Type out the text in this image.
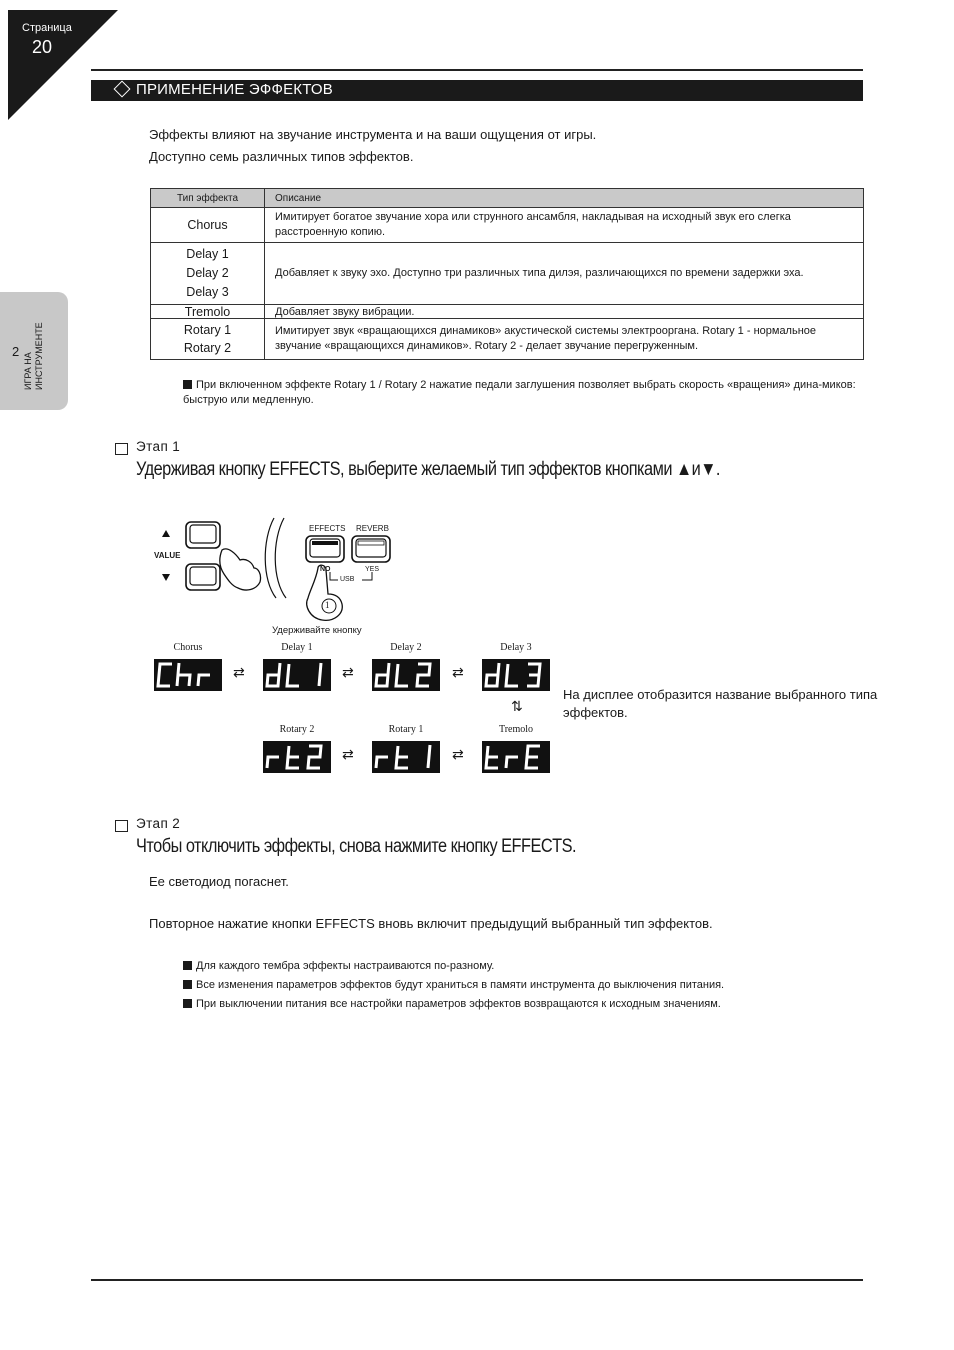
Страница
20
2
ИГРА НА ИНСТРУМЕНТЕ
ПРИМЕНЕНИЕ ЭФФЕКТОВ
Эффекты влияют на звучание инструмента и на ваши ощущения от игры.
Доступно семь различных типов эффектов.
Тип эффекта	Описание
Chorus	Имитирует богатое звучание хора или струнного ансамбля, накладывая на исходный звук его слегка расстроенную копию.

Delay 1
Delay 2
Delay 3	Добавляет к звуку эхо. Доступно три различных типа дилэя, различающихся по времени задержки эха.
Tremolo	Добавляет звуку вибрации.

Rotary 1
Rotary 2	Имитирует звук «вращающихся динамиков» акустической системы электрооргана. Rotary 1 - нормальное звучание «вращающихся динамиков». Rotary 2 - делает звучание перегруженным.
При включенном эффекте Rotary 1 / Rotary 2 нажатие педали заглушения позволяет выбрать скорость «вращения» дина-миков: быструю или медленную.
Этап 1
Удерживая кнопку EFFECTS, выберите желаемый тип эффектов кнопками ▲и▼.
VALUE
EFFECTS REVERB
NO	YES
USB
1
Удерживайте кнопку
Chorus	Delay 1	Delay 2	Delay 3
⇄	⇄	⇄
⇅
На дисплее отобразится название выбранного типа эффектов.
Rotary 2	Rotary 1	Tremolo
⇄	⇄
Этап 2
Чтобы отключить эффекты, снова нажмите кнопку EFFECTS.
Ее светодиод погаснет.
Повторное нажатие кнопки EFFECTS вновь включит предыдущий выбранный тип эффектов.
Для каждого тембра эффекты настраиваются по-разному.
Все изменения параметров эффектов будут храниться в памяти инструмента до выключения питания.
При выключении питания все настройки параметров эффектов возвращаются к исходным значениям.
